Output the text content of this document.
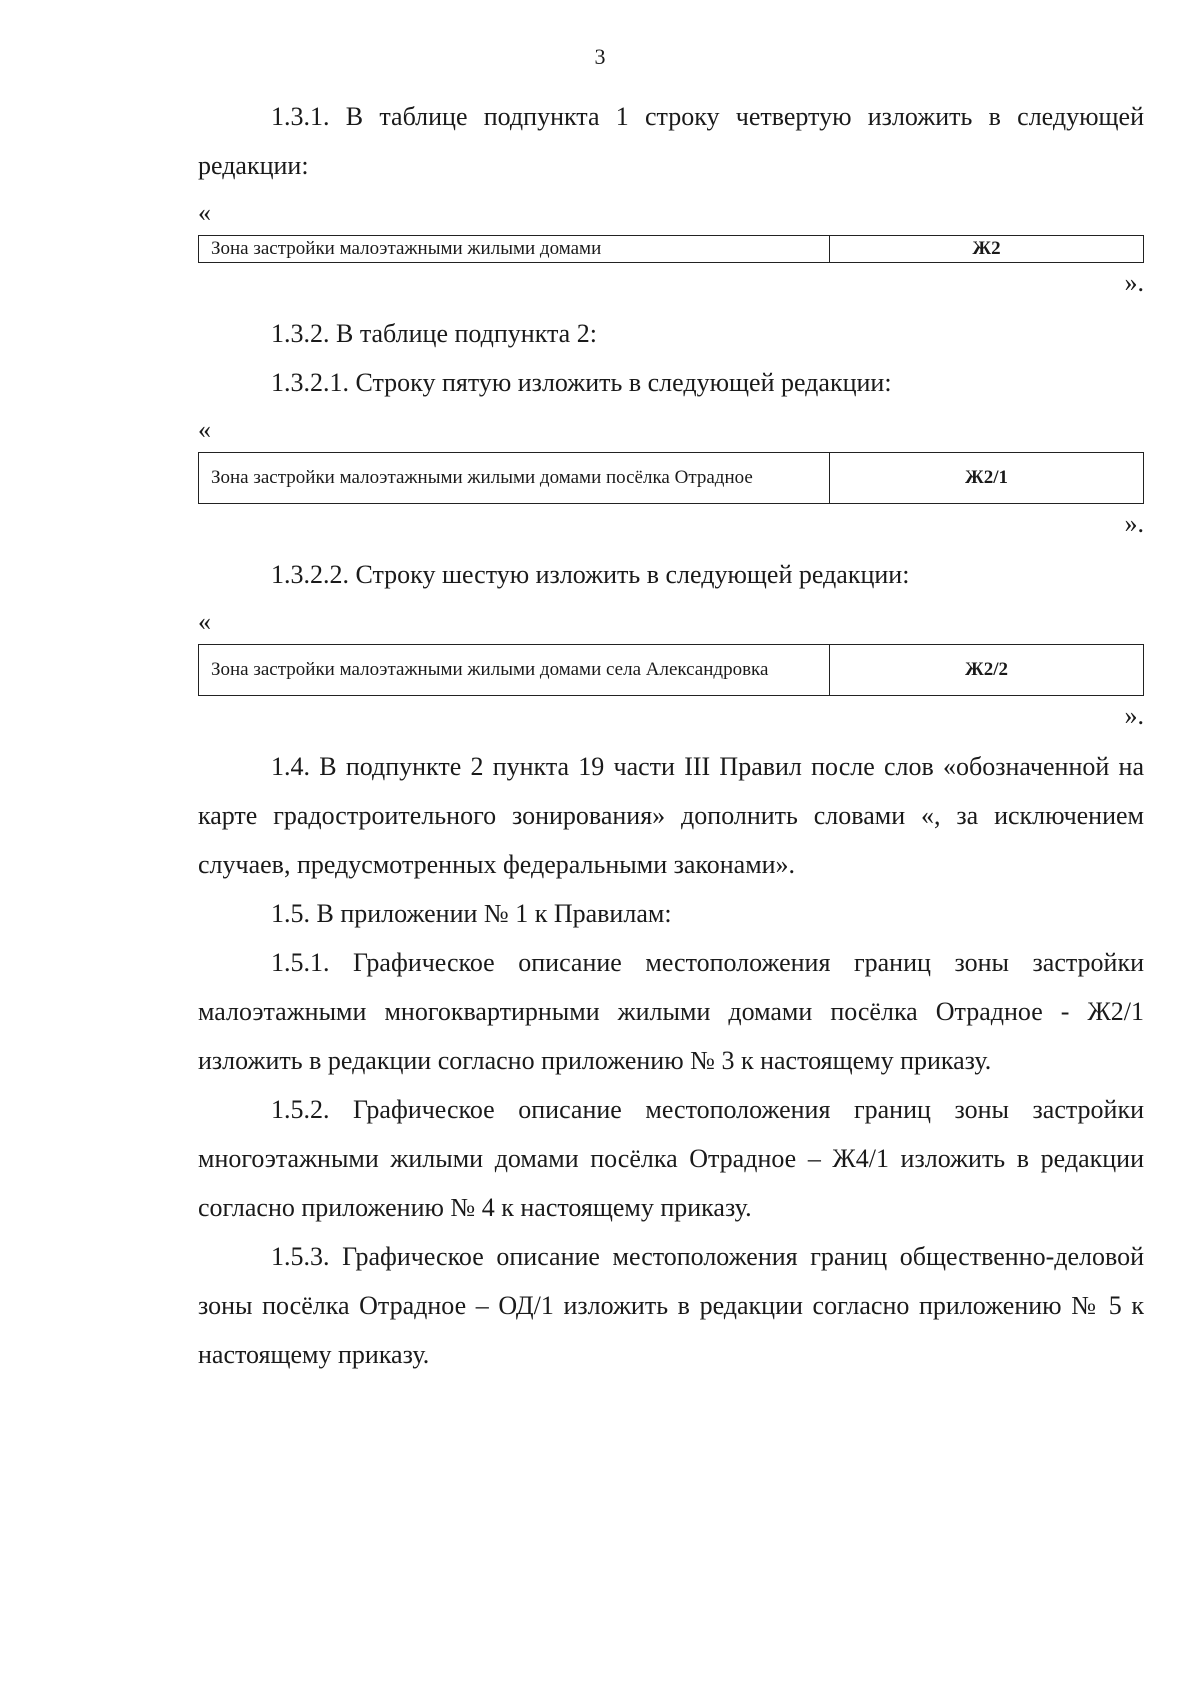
3

1.3.1. В таблице подпункта 1 строку четвертую изложить в следующей редакции:

«

Зона застройки малоэтажными жилыми домами	Ж2

».

1.3.2. В таблице подпункта 2:

1.3.2.1. Строку пятую изложить в следующей редакции:

«

Зона застройки малоэтажными жилыми домами посёлка Отрадное	Ж2/1

».

1.3.2.2. Строку шестую изложить в следующей редакции:

«

Зона застройки малоэтажными жилыми домами села Александровка	Ж2/2

».

1.4. В подпункте 2 пункта 19 части III Правил после слов «обозначенной на карте градостроительного зонирования» дополнить словами «, за исключением случаев, предусмотренных федеральными законами».

1.5. В приложении № 1 к Правилам:

1.5.1. Графическое описание местоположения границ зоны застройки малоэтажными многоквартирными жилыми домами посёлка Отрадное - Ж2/1 изложить в редакции согласно приложению № 3 к настоящему приказу.

1.5.2. Графическое описание местоположения границ зоны застройки многоэтажными жилыми домами посёлка Отрадное – Ж4/1 изложить в редакции согласно приложению № 4 к настоящему приказу.

1.5.3. Графическое описание местоположения границ общественно-деловой зоны посёлка Отрадное – ОД/1 изложить в редакции согласно приложению № 5 к настоящему приказу.
